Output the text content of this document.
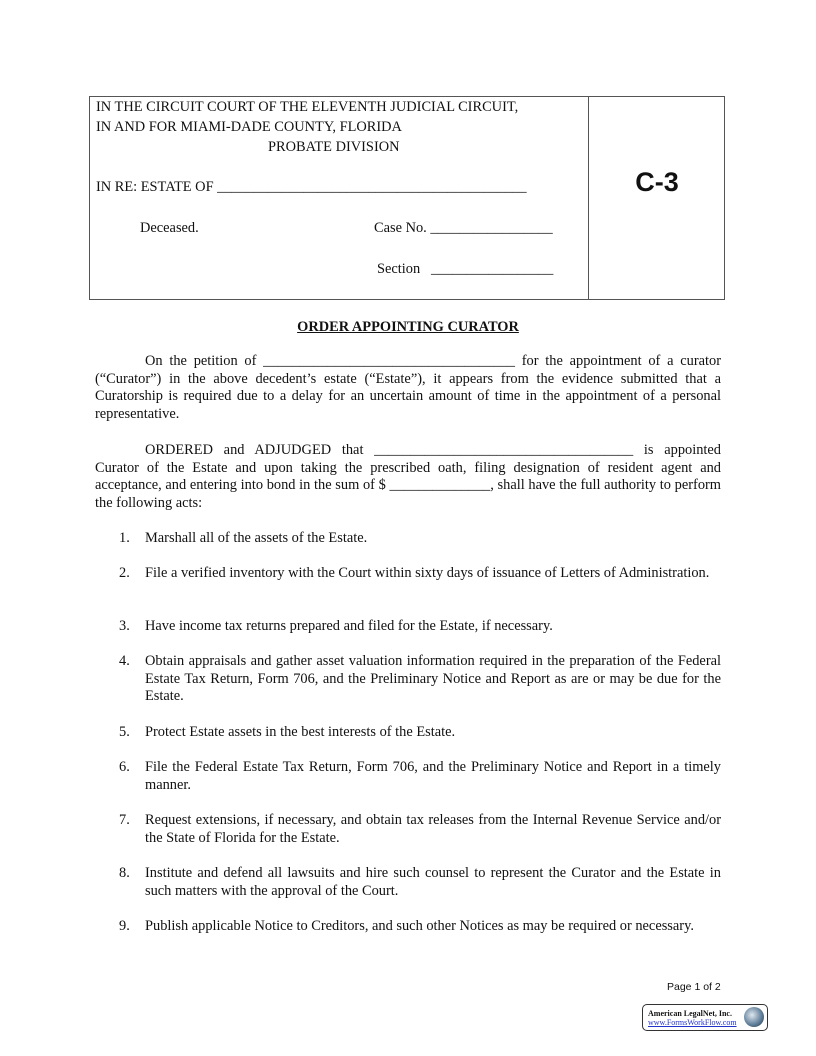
IN THE CIRCUIT COURT OF THE ELEVENTH JUDICIAL CIRCUIT,
IN AND FOR MIAMI-DADE COUNTY, FLORIDA
PROBATE DIVISION
IN RE: ESTATE OF ___________________________________________
Deceased.	Case No. _________________
Section   _________________
C-3
ORDER APPOINTING CURATOR
On the petition of ___________________________________ for the appointment of a curator (“Curator”) in the above decedent’s estate (“Estate”), it appears from the evidence submitted that a Curatorship is required due to a delay for an uncertain amount of time in the appointment of a personal representative.
ORDERED and ADJUDGED that ____________________________________ is appointed Curator of the Estate and upon taking the prescribed oath, filing designation of resident agent and acceptance, and entering into bond in the sum of $ ______________, shall have the full authority to perform the following acts:
1. Marshall all of the assets of the Estate.
2. File a verified inventory with the Court within sixty days of issuance of Letters of Administration.
3. Have income tax returns prepared and filed for the Estate, if necessary.
4. Obtain appraisals and gather asset valuation information required in the preparation of the Federal Estate Tax Return, Form 706, and the Preliminary Notice and Report as are or may be due for the Estate.
5. Protect Estate assets in the best interests of the Estate.
6. File the Federal Estate Tax Return, Form 706, and the Preliminary Notice and Report in a timely manner.
7. Request extensions, if necessary, and obtain tax releases from the Internal Revenue Service and/or the State of Florida for the Estate.
8. Institute and defend all lawsuits and hire such counsel to represent the Curator and the Estate in such matters with the approval of the Court.
9. Publish applicable Notice to Creditors, and such other Notices as may be required or necessary.
Page 1 of 2
American LegalNet, Inc.
www.FormsWorkFlow.com
